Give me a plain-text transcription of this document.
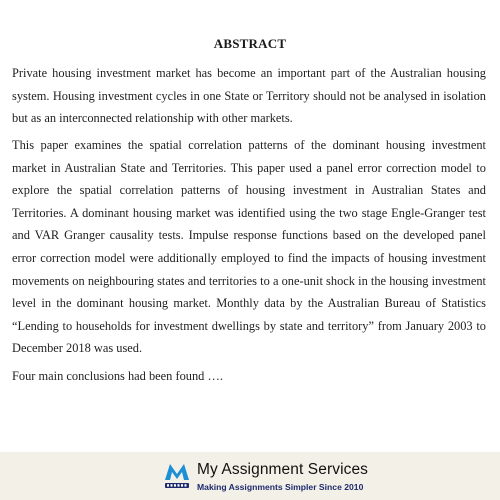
ABSTRACT

Private housing investment market has become an important part of the Australian housing system. Housing investment cycles in one State or Territory should not be analysed in isolation but as an interconnected relationship with other markets.

This paper examines the spatial correlation patterns of the dominant housing investment market in Australian State and Territories. This paper used a panel error correction model to explore the spatial correlation patterns of housing investment in Australian States and Territories. A dominant housing market was identified using the two stage Engle-Granger test and VAR Granger causality tests. Impulse response functions based on the developed panel error correction model were additionally employed to find the impacts of housing investment movements on neighbouring states and territories to a one-unit shock in the housing investment level in the dominant housing market. Monthly data by the Australian Bureau of Statistics “Lending to households for investment dwellings by state and territory” from January 2003 to December 2018 was used.

Four main conclusions had been found ….

My Assignment Services
Making Assignments Simpler Since 2010
